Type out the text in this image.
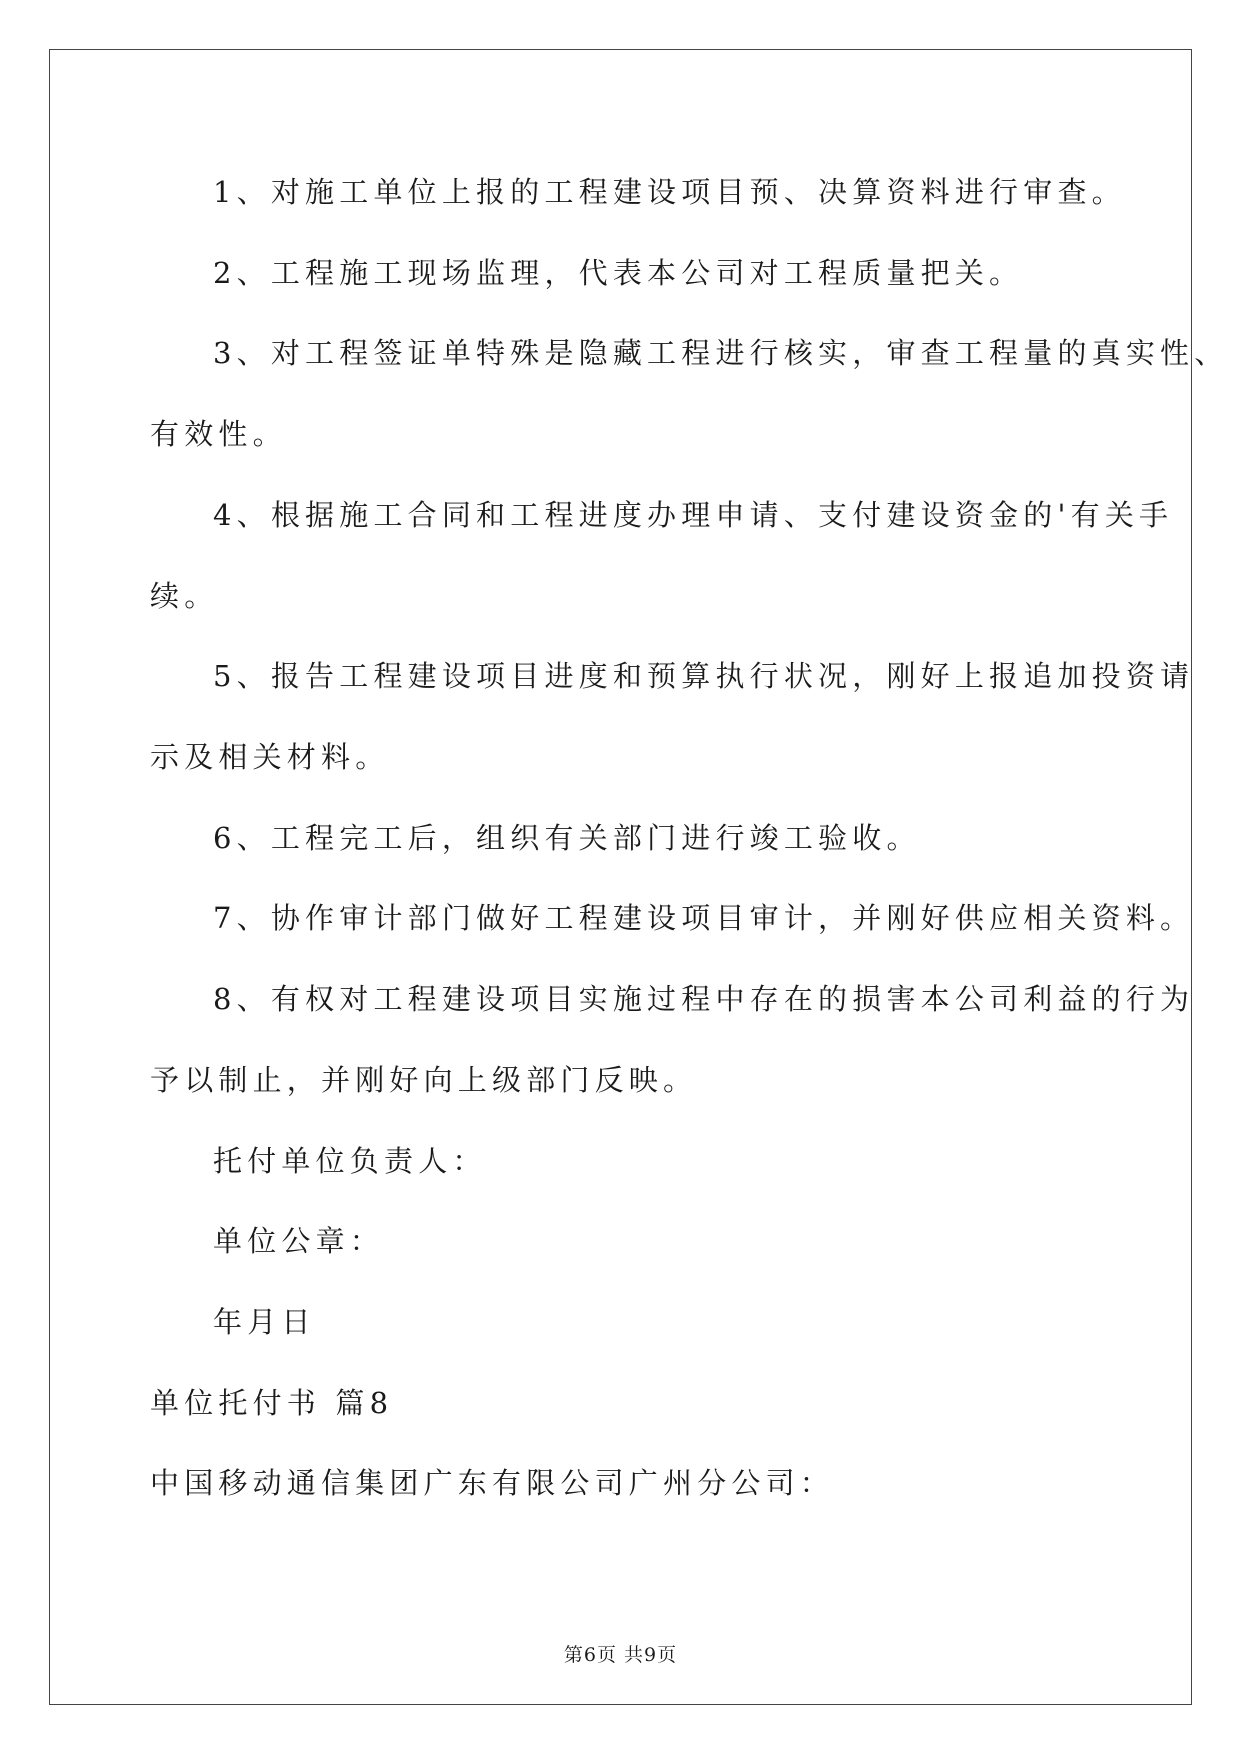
1、对施工单位上报的工程建设项目预、决算资料进行审查。
2、工程施工现场监理，代表本公司对工程质量把关。
3、对工程签证单特殊是隐藏工程进行核实，审查工程量的真实性、
有效性。
4、根据施工合同和工程进度办理申请、支付建设资金的'有关手
续。
5、报告工程建设项目进度和预算执行状况，刚好上报追加投资请
示及相关材料。
6、工程完工后，组织有关部门进行竣工验收。
7、协作审计部门做好工程建设项目审计，并刚好供应相关资料。
8、有权对工程建设项目实施过程中存在的损害本公司利益的行为
予以制止，并刚好向上级部门反映。
托付单位负责人：
单位公章：
年月日
单位托付书 篇8
中国移动通信集团广东有限公司广州分公司：
第6页 共9页
